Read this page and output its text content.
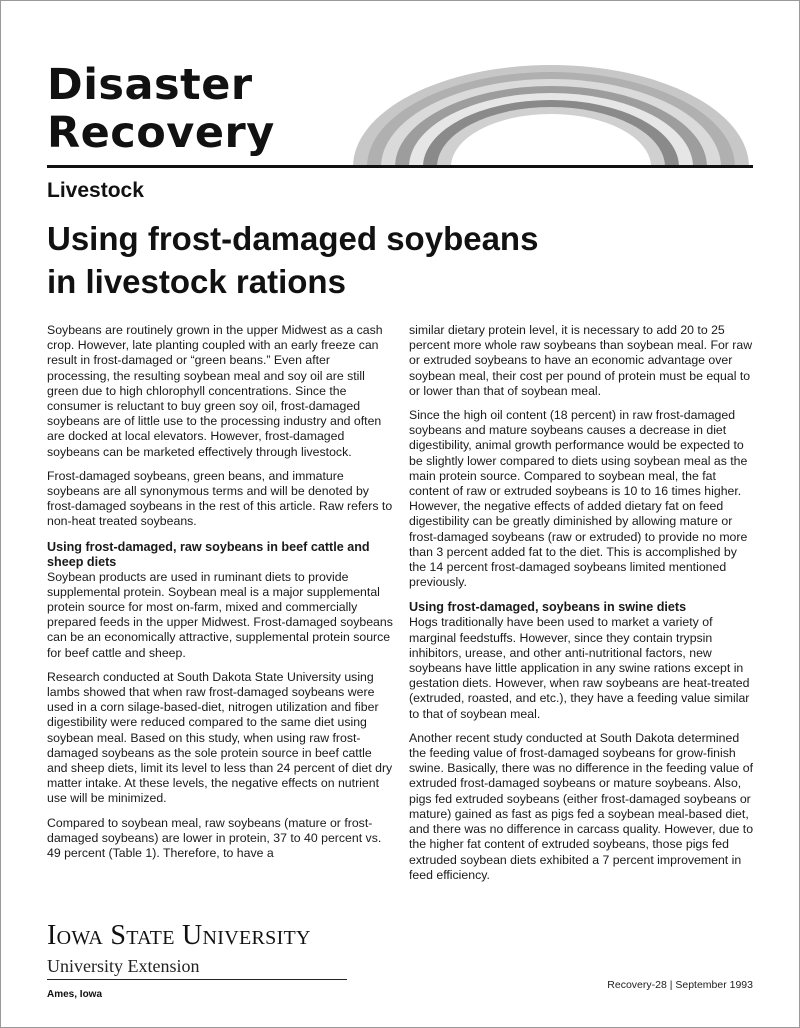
Disaster
Recovery
Livestock
Using frost-damaged soybeans
in livestock rations

Soybeans are routinely grown in the upper Midwest as a cash crop. However, late planting coupled with an early freeze can result in frost-damaged or “green beans.” Even after processing, the resulting soybean meal and soy oil are still green due to high chlorophyll concentrations. Since the consumer is reluctant to buy green soy oil, frost-damaged soybeans are of little use to the processing industry and often are docked at local elevators. However, frost-damaged soybeans can be marketed effectively through livestock.

Frost-damaged soybeans, green beans, and immature soybeans are all synonymous terms and will be denoted by frost-damaged soybeans in the rest of this article. Raw refers to non-heat treated soybeans.

Using frost-damaged, raw soybeans in beef cattle and sheep diets

Soybean products are used in ruminant diets to provide supplemental protein. Soybean meal is a major supplemental protein source for most on-farm, mixed and commercially prepared feeds in the upper Midwest. Frost-damaged soybeans can be an economically attractive, supplemental protein source for beef cattle and sheep.

Research conducted at South Dakota State University using lambs showed that when raw frost-damaged soybeans were used in a corn silage-based-diet, nitrogen utilization and fiber digestibility were reduced compared to the same diet using soybean meal. Based on this study, when using raw frost-damaged soybeans as the sole protein source in beef cattle and sheep diets, limit its level to less than 24 percent of diet dry matter intake. At these levels, the negative effects on nutrient use will be minimized.

Compared to soybean meal, raw soybeans (mature or frost-damaged soybeans) are lower in protein, 37 to 40 percent vs. 49 percent (Table 1). Therefore, to have a

similar dietary protein level, it is necessary to add 20 to 25 percent more whole raw soybeans than soybean meal. For raw or extruded soybeans to have an economic advantage over soybean meal, their cost per pound of protein must be equal to or lower than that of soybean meal.

Since the high oil content (18 percent) in raw frost-damaged soybeans and mature soybeans causes a decrease in diet digestibility, animal growth performance would be expected to be slightly lower compared to diets using soybean meal as the main protein source. Compared to soybean meal, the fat content of raw or extruded soybeans is 10 to 16 times higher. However, the negative effects of added dietary fat on feed digestibility can be greatly diminished by allowing mature or frost-damaged soybeans (raw or extruded) to provide no more than 3 percent added fat to the diet. This is accomplished by the 14 percent frost-damaged soybeans limited mentioned previously.

Using frost-damaged, soybeans in swine diets

Hogs traditionally have been used to market a variety of marginal feedstuffs. However, since they contain trypsin inhibitors, urease, and other anti-nutritional factors, new soybeans have little application in any swine rations except in gestation diets. However, when raw soybeans are heat-treated (extruded, roasted, and etc.), they have a feeding value similar to that of soybean meal.

Another recent study conducted at South Dakota determined the feeding value of frost-damaged soybeans for grow-finish swine. Basically, there was no difference in the feeding value of extruded frost-damaged soybeans or mature soybeans. Also, pigs fed extruded soybeans (either frost-damaged soybeans or mature) gained as fast as pigs fed a soybean meal-based diet, and there was no difference in carcass quality. However, due to the higher fat content of extruded soybeans, those pigs fed extruded soybean diets exhibited a 7 percent improvement in feed efficiency.

Iowa State University
University Extension
Ames, Iowa
Recovery-28 | September 1993
